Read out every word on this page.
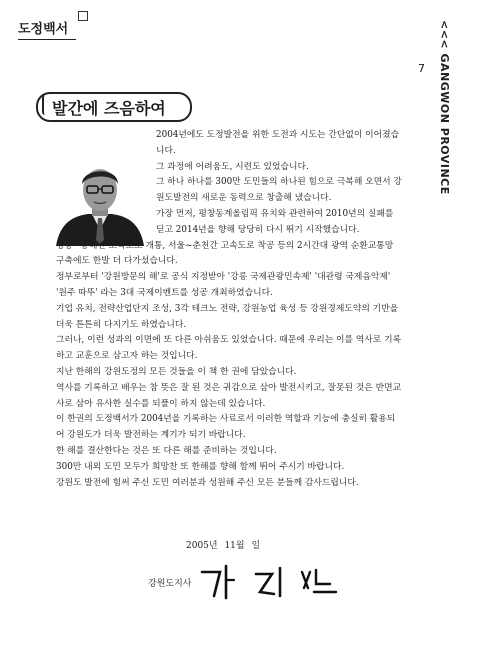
도정백서	<<< GANGWON PROVINCE
7
발간에 즈음하여

2004년에도 도정발전을 위한 도전과 시도는 간단없이 이어졌습니다.

그 과정에 어려움도, 시련도 있었습니다.

그 하나 하나를 300만 도민들의 하나된 힘으로 극복해 오면서 강원도발전의 새로운 동력으로 창출해 냈습니다.

가장 먼저, 평창동계올림픽 유치와 관련하여 2010년의 실패를 딛고 2014년을 향해 당당히 다시 뛰기 시작했습니다.

강릉~동해간 고속도로 개통, 서울~춘천간 고속도로 착공 등의 2시간대 광역 순환교통망 구축에도 한발 더 다가섰습니다.

정부로부터 '강원방문의 해'로 공식 지정받아 '강릉 국제관광민속제' '대관령 국제음악제' '원주 따뚜' 라는 3대 국제이벤트를 성공 개최하였습니다.

기업 유치, 전략산업단지 조성, 3각 테크노 전략, 강원농업 육성 등 강원경제도약의 기반을 더욱 튼튼히 다지기도 하였습니다.

그러나, 이런 성과의 이면에 또 다른 아쉬움도 있었습니다. 때문에 우리는 이를 역사로 기록하고 교훈으로 삼고자 하는 것입니다.

지난 한해의 강원도정의 모든 것들을 이 책 한 권에 담았습니다.

역사를 기록하고 배우는 참 뜻은 잘 된 것은 귀감으로 삼아 발전시키고, 잘못된 것은 반면교사로 삼아 유사한 실수를 되풀이 하지 않는데 있습니다.

이 한권의 도정백서가 2004년을 기록하는 사료로서 이러한 역할과 기능에 충실히 활용되어 강원도가 더욱 발전하는 계기가 되기 바랍니다.

한 해를 결산한다는 것은 또 다른 해를 준비하는 것입니다.

300만 내외 도민 모두가 희망찬 또 한해를 향해 함께 뛰어 주시기 바랍니다.

강원도 발전에 힘써 주신 도민 여러분과 성원해 주신 모든 분들께 감사드립니다.

2005년 11월 일
강원도지사
